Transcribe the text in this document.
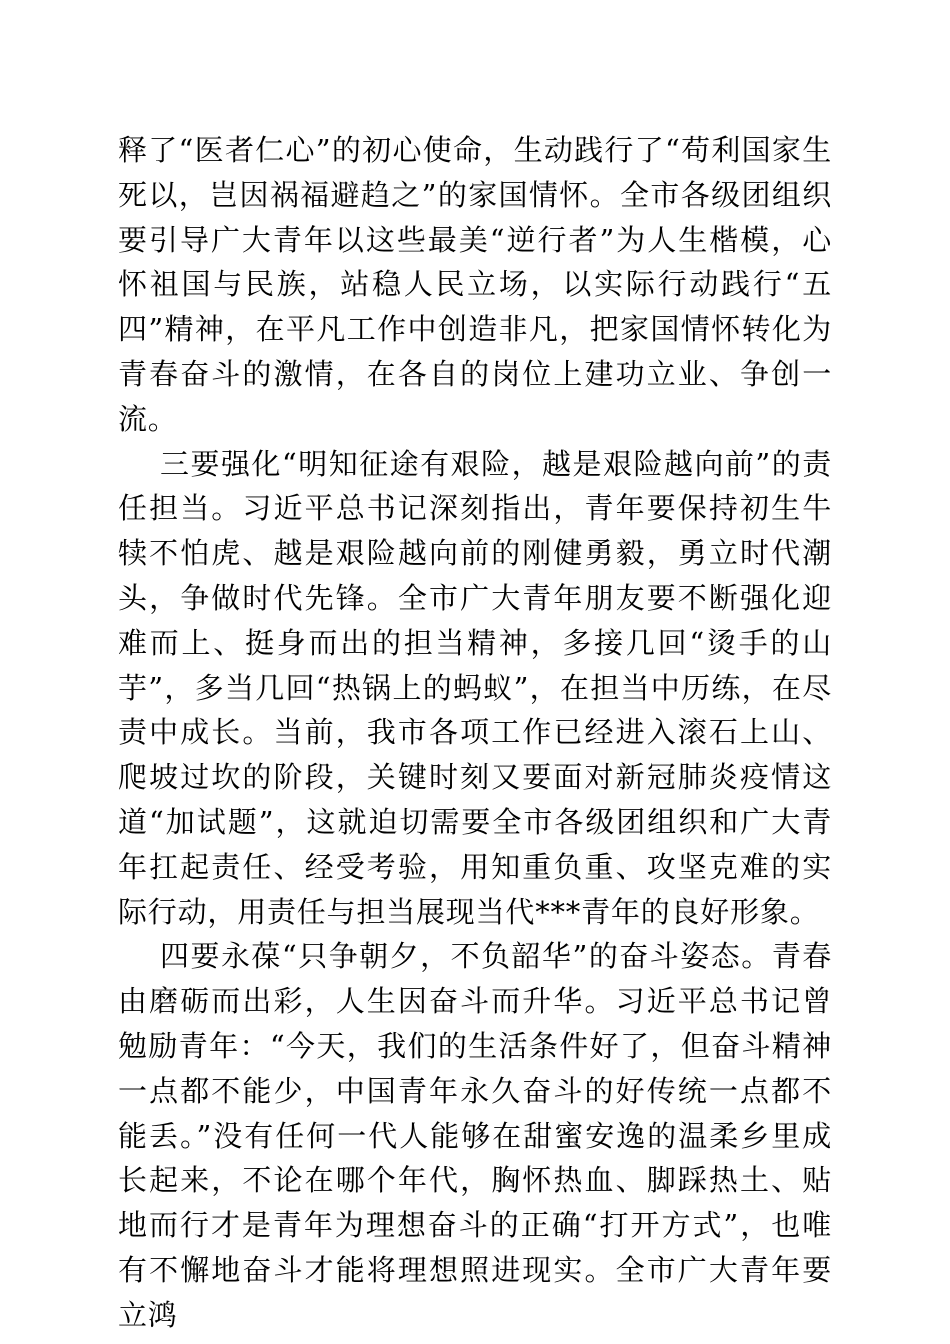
释了“医者仁心”的初心使命，生动践行了“苟利国家生死以，岂因祸福避趋之”的家国情怀。全市各级团组织要引导广大青年以这些最美“逆行者”为人生楷模，心怀祖国与民族，站稳人民立场，以实际行动践行“五四”精神，在平凡工作中创造非凡，把家国情怀转化为青春奋斗的激情，在各自的岗位上建功立业、争创一流。

三要强化“明知征途有艰险，越是艰险越向前”的责任担当。习近平总书记深刻指出，青年要保持初生牛犊不怕虎、越是艰险越向前的刚健勇毅，勇立时代潮头，争做时代先锋。全市广大青年朋友要不断强化迎难而上、挺身而出的担当精神，多接几回“烫手的山芋”，多当几回“热锅上的蚂蚁”，在担当中历练，在尽责中成长。当前，我市各项工作已经进入滚石上山、爬坡过坎的阶段，关键时刻又要面对新冠肺炎疫情这道“加试题”，这就迫切需要全市各级团组织和广大青年扛起责任、经受考验，用知重负重、攻坚克难的实际行动，用责任与担当展现当代***青年的良好形象。

四要永葆“只争朝夕，不负韶华”的奋斗姿态。青春由磨砺而出彩，人生因奋斗而升华。习近平总书记曾勉励青年：“今天，我们的生活条件好了，但奋斗精神一点都不能少，中国青年永久奋斗的好传统一点都不能丢。”没有任何一代人能够在甜蜜安逸的温柔乡里成长起来，不论在哪个年代，胸怀热血、脚踩热土、贴地而行才是青年为理想奋斗的正确“打开方式”，也唯有不懈地奋斗才能将理想照进现实。全市广大青年要立鸿
